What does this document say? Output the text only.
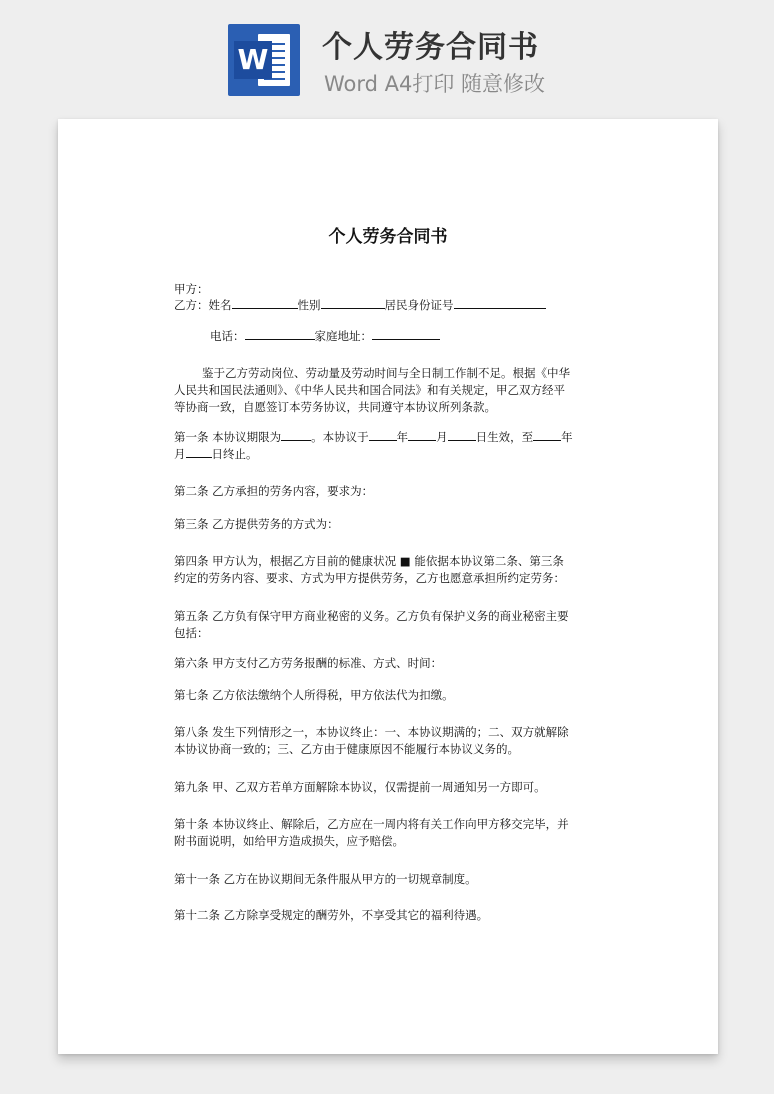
W 个人劳务合同书
Word A4打印 随意修改
个人劳务合同书
甲方：
乙方：姓名	性别	居民身份证号
电话：	家庭地址：
鉴于乙方劳动岗位、劳动量及劳动时间与全日制工作制不足。根据《中华
人民共和国民法通则》、《中华人民共和国合同法》和有关规定，甲乙双方经平
等协商一致，自愿签订本劳务协议，共同遵守本协议所列条款。
第一条 本协议期限为	。本协议于 年 月 日生效，至 年
月 日终止。
第二条 乙方承担的劳务内容，要求为：
第三条 乙方提供劳务的方式为：
第四条 甲方认为，根据乙方目前的健康状况 ■ 能依据本协议第二条、第三条
约定的劳务内容、要求、方式为甲方提供劳务，乙方也愿意承担所约定劳务：
第五条 乙方负有保守甲方商业秘密的义务。乙方负有保护义务的商业秘密主要
包括：
第六条 甲方支付乙方劳务报酬的标准、方式、时间：
第七条 乙方依法缴纳个人所得税，甲方依法代为扣缴。
第八条 发生下列情形之一，本协议终止：一、本协议期满的；二、双方就解除
本协议协商一致的；三、乙方由于健康原因不能履行本协议义务的。
第九条 甲、乙双方若单方面解除本协议，仅需提前一周通知另一方即可。
第十条 本协议终止、解除后，乙方应在一周内将有关工作向甲方移交完毕，并
附书面说明，如给甲方造成损失，应予赔偿。
第十一条 乙方在协议期间无条件服从甲方的一切规章制度。
第十二条 乙方除享受规定的酬劳外，不享受其它的福利待遇。
